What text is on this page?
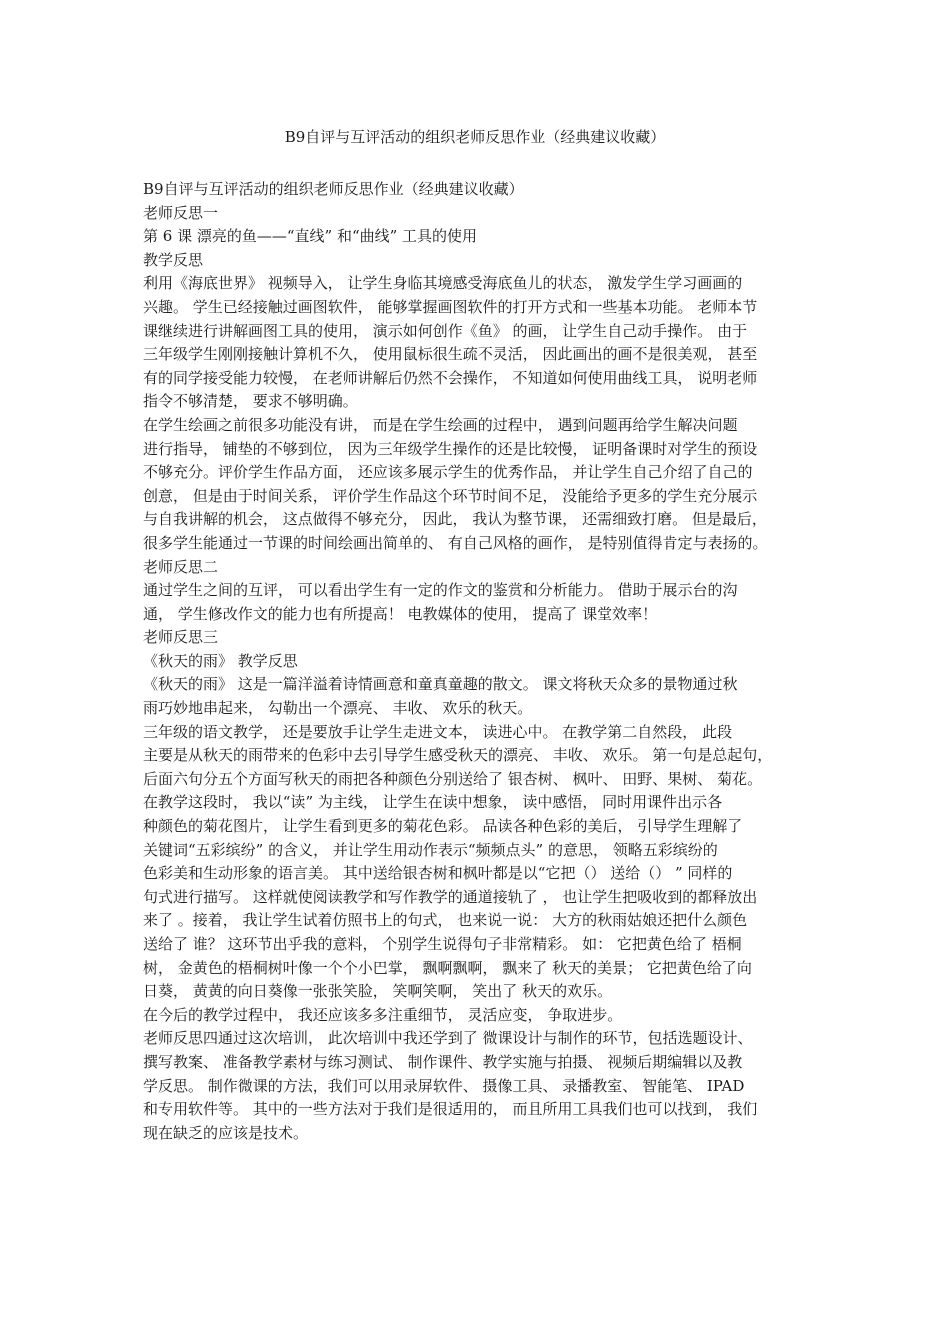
B9自评与互评活动的组织老师反思作业（经典建议收藏）
B9自评与互评活动的组织老师反思作业（经典建议收藏）
老师反思一
第 6 课 漂亮的鱼——“直线” 和“曲线” 工具的使用
教学反思
利用《海底世界》 视频导入， 让学生身临其境感受海底鱼儿的状态， 激发学生学习画画的
兴趣。 学生已经接触过画图软件， 能够掌握画图软件的打开方式和一些基本功能。 老师本节
课继续进行讲解画图工具的使用， 演示如何创作《鱼》 的画， 让学生自己动手操作。 由于
三年级学生刚刚接触计算机不久， 使用鼠标很生疏不灵活， 因此画出的画不是很美观， 甚至
有的同学接受能力较慢， 在老师讲解后仍然不会操作， 不知道如何使用曲线工具， 说明老师
指令不够清楚， 要求不够明确。
在学生绘画之前很多功能没有讲， 而是在学生绘画的过程中， 遇到问题再给学生解决问题
进行指导， 铺垫的不够到位， 因为三年级学生操作的还是比较慢， 证明备课时对学生的预设
不够充分。评价学生作品方面， 还应该多展示学生的优秀作品， 并让学生自己介绍了自己的
创意， 但是由于时间关系， 评价学生作品这个环节时间不足， 没能给予更多的学生充分展示
与自我讲解的机会， 这点做得不够充分， 因此， 我认为整节课， 还需细致打磨。 但是最后，
很多学生能通过一节课的时间绘画出简单的、 有自己风格的画作， 是特别值得肯定与表扬的。
老师反思二
通过学生之间的互评， 可以看出学生有一定的作文的鉴赏和分析能力。 借助于展示台的沟
通， 学生修改作文的能力也有所提高！ 电教媒体的使用， 提高了 课堂效率！
老师反思三
《秋天的雨》 教学反思
《秋天的雨》 这是一篇洋溢着诗情画意和童真童趣的散文。 课文将秋天众多的景物通过秋
雨巧妙地串起来， 勾勒出一个漂亮、 丰收、 欢乐的秋天。
三年级的语文教学， 还是要放手让学生走进文本， 读进心中。 在教学第二自然段， 此段
主要是从秋天的雨带来的色彩中去引导学生感受秋天的漂亮、 丰收、 欢乐。 第一句是总起句，
后面六句分五个方面写秋天的雨把各种颜色分别送给了 银杏树、 枫叶、 田野、果树、 菊花。
在教学这段时， 我以“读” 为主线， 让学生在读中想象， 读中感悟， 同时用课件出示各
种颜色的菊花图片， 让学生看到更多的菊花色彩。 品读各种色彩的美后， 引导学生理解了
关键词“五彩缤纷” 的含义， 并让学生用动作表示“频频点头” 的意思， 领略五彩缤纷的
色彩美和生动形象的语言美。 其中送给银杏树和枫叶都是以“它把（） 送给（） ” 同样的
句式进行描写。 这样就使阅读教学和写作教学的通道接轨了 ， 也让学生把吸收到的都释放出
来了 。接着， 我让学生试着仿照书上的句式， 也来说一说： 大方的秋雨姑娘还把什么颜色
送给了 谁？ 这环节出乎我的意料， 个别学生说得句子非常精彩。 如： 它把黄色给了 梧桐
树， 金黄色的梧桐树叶像一个个小巴掌， 飘啊飘啊， 飘来了 秋天的美景； 它把黄色给了向
日葵， 黄黄的向日葵像一张张笑脸， 笑啊笑啊， 笑出了 秋天的欢乐。
在今后的教学过程中， 我还应该多多注重细节， 灵活应变， 争取进步。
老师反思四通过这次培训， 此次培训中我还学到了 微课设计与制作的环节，包括选题设计、
撰写教案、 准备教学素材与练习测试、 制作课件、教学实施与拍摄、 视频后期编辑以及教
学反思。 制作微课的方法，我们可以用录屏软件、 摄像工具、 录播教室、 智能笔、 IPAD
和专用软件等。 其中的一些方法对于我们是很适用的， 而且所用工具我们也可以找到， 我们
现在缺乏的应该是技术。
